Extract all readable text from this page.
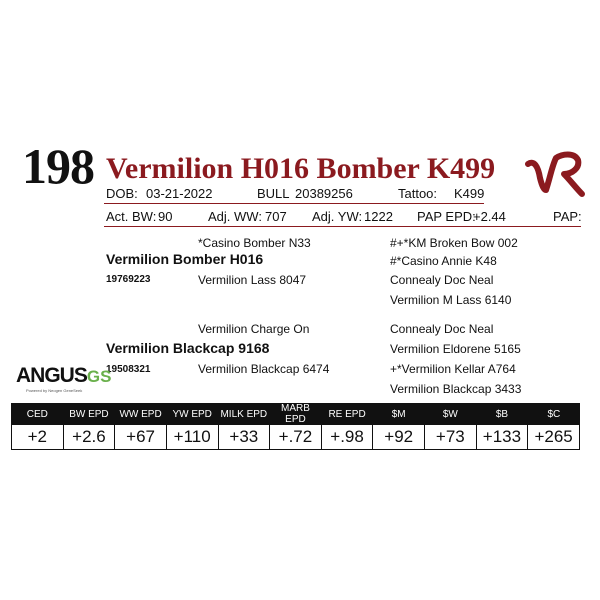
198 Vermilion H016 Bomber K499
DOB: 03-21-2022	BULL 20389256	Tattoo: K499
Act. BW: 90	Adj. WW: 707 Adj. YW: 1222 PAP EPD:
+2.44	PAP:
*Casino Bomber N33
Vermilion Bomber H016
19769223	Vermilion Lass 8047
#+*KM Broken Bow 002
#*Casino Annie K48
Connealy Doc Neal
Vermilion M Lass 6140
Vermilion Charge On
Vermilion Blackcap 9168
19508321	Vermilion Blackcap 6474
Connealy Doc Neal
Vermilion Eldorene 5165
+*Vermilion Kellar A764
Vermilion Blackcap 3433
ANGUSGS
Powered by Neogen GeneSeek
CED	BW EPD	WW EPD	YW EPD	MILK EPD	MARB EPD	RE EPD	$M	$W	$B	$C
+2	+2.6	+67	+110	+33	+.72	+.98	+92	+73	+133	+265
